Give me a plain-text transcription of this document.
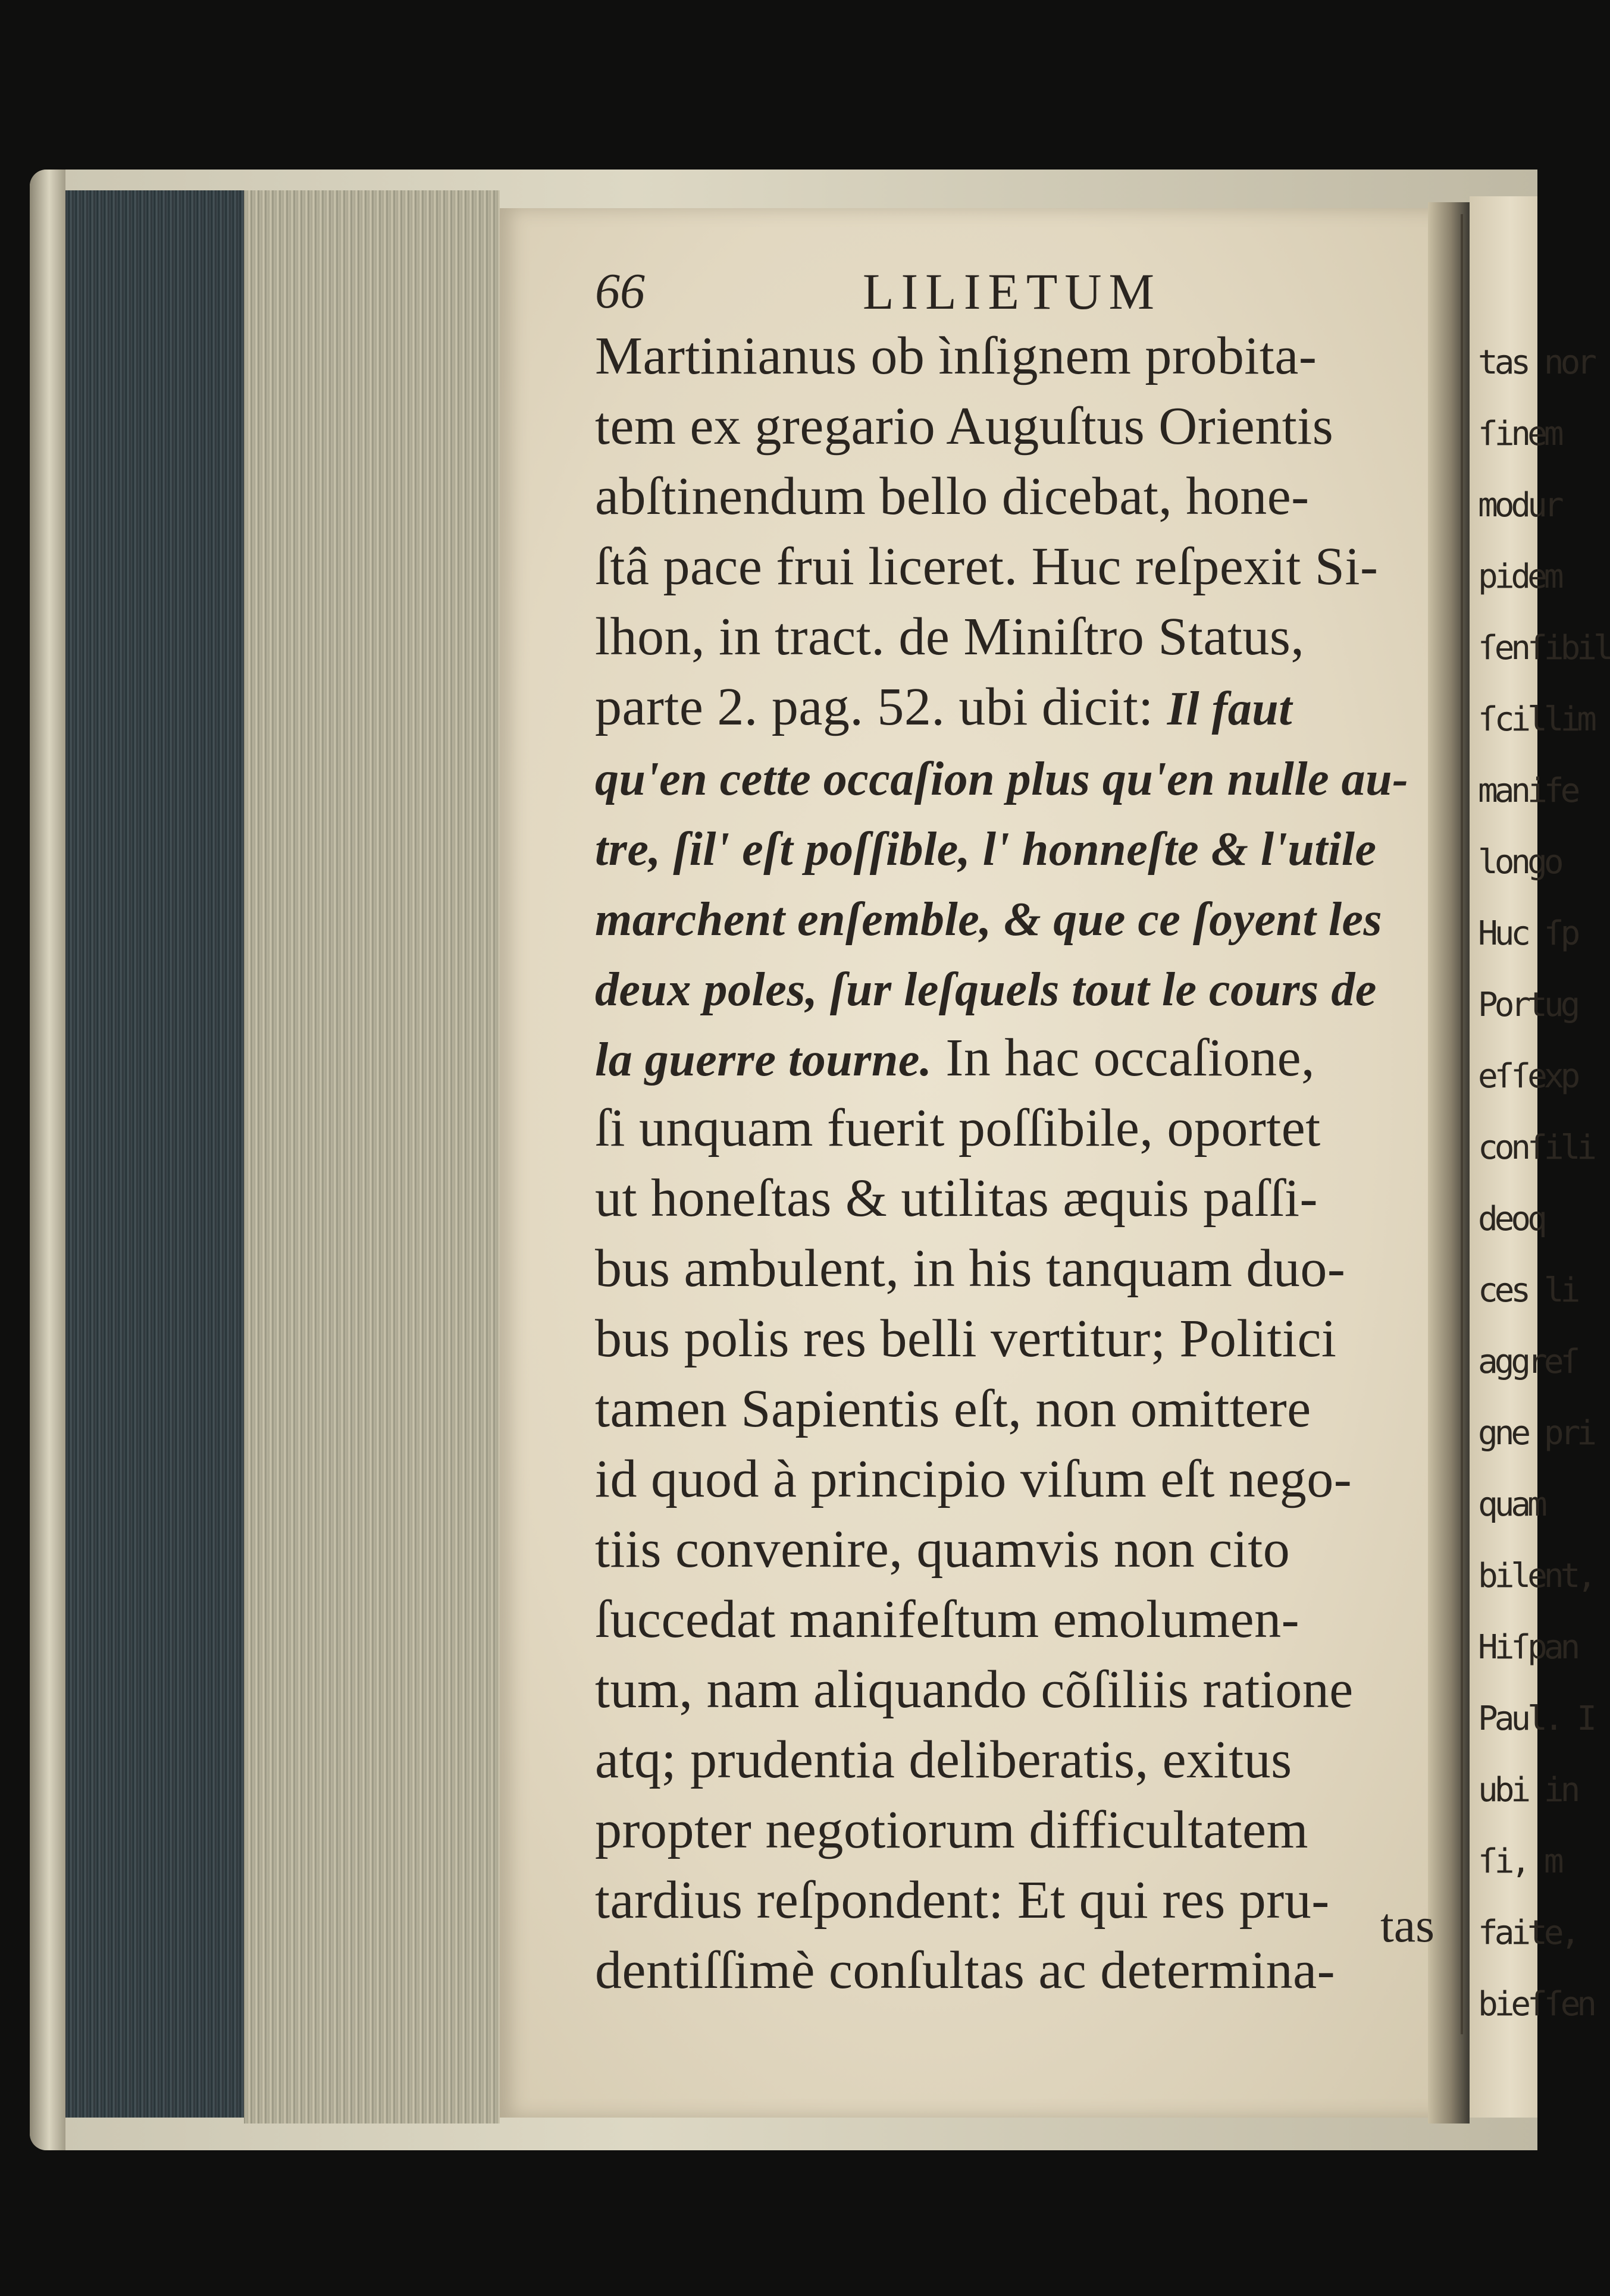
tas nor
ſinem
modur
pidem
ſenſibil
ſcillim
manife
longo
Huc ſp
Portug
eſſexp
conſili
deoq
ces li
aggreſ
gne pri
quam
bilent,
Hiſpan
Paul. I
ubi in
ſi, m
faite,
bieſſen
66	LILIETUM
Martinianus ob ìnſignem probita-
tem ex gregario Auguſtus Orientis
abſtinendum bello dicebat, hone-
ſtâ pace frui liceret. Huc reſpexit Si-
lhon, in tract. de Miniſtro Status,
parte 2. pag. 52. ubi dicit: Il faut
qu'en cette occaſion plus qu'en nulle au-
tre, ſil' eſt poſſible, l' honneſte & l'utile
marchent enſemble, & que ce ſoyent les
deux poles, ſur leſquels tout le cours de
la guerre tourne. In hac occaſione,
ſi unquam fuerit poſſibile, oportet
ut honeſtas & utilitas æquis paſſi-
bus ambulent, in his tanquam duo-
bus polis res belli vertitur; Politici
tamen Sapientis eſt, non omittere
id quod à principio viſum eſt nego-
tiis convenire, quamvis non cito
ſuccedat manifeſtum emolumen-
tum, nam aliquando cõſiliis ratione
atq; prudentia deliberatis, exitus
propter negotiorum difficultatem
tardius reſpondent: Et qui res pru-
dentiſſimè conſultas ac determina-
tas
